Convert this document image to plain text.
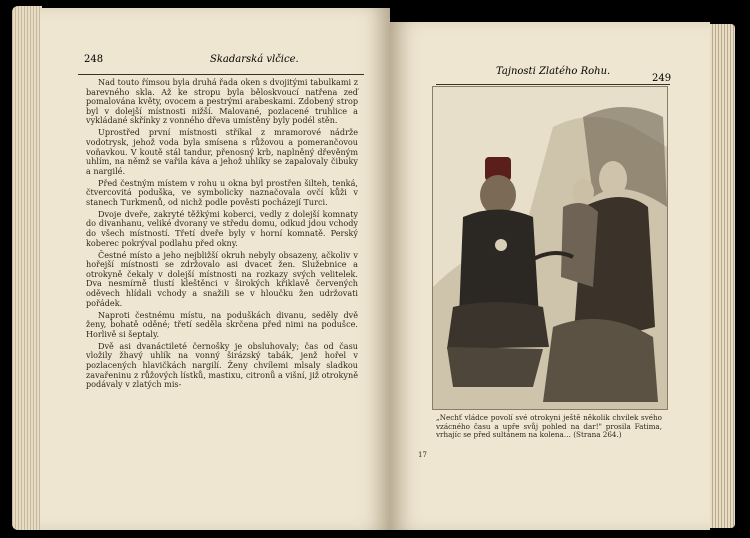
248	Skadarská vlčice.

Nad touto římsou byla druhá řada oken s dvojitými tabulkami z barevného skla. Až ke stropu byla běloskvoucí natřena zeď pomalována květy, ovocem a pestrými arabeskami. Zdobený strop byl v dolejší místnosti nižší. Malované, pozlacené truhlice a vykládané skřínky z vonného dřeva umístěny byly podél stěn.

Uprostřed první místnosti stříkal z mramorové nádrže vodotrysk, jehož voda byla smísena s růžovou a pomerančovou voňavkou. V koutě stál tandur, přenosný krb, naplněný dřevěným uhlím, na němž se vařila káva a jehož uhlíky se zapalovaly čibuky a nargilé.

Před čestným místem v rohu u okna byl prostřen šilteh, tenká, čtvercovitá poduška, ve symbolicky naznačovala ovčí kůži v stanech Turkmenů, od nichž podle pověsti pocházejí Turci.

Dvoje dveře, zakryté těžkými koberci, vedly z dolejší komnaty do divanhanu, veliké dvorany ve středu domu, odkud jdou vchody do všech místností. Třetí dveře byly v horní komnatě. Perský koberec pokrýval podlahu před okny.

Čestné místo a jeho nejbližší okruh nebyly obsazeny, ačkoliv v hořejší místnosti se zdržovalo asi dvacet žen. Služebnice a otrokyně čekaly v dolejší místnosti na rozkazy svých velitelek. Dva nesmírně tlustí kleštěnci v širokých křiklavě červených oděvech hlídali vchody a snažili se v hloučku žen udržovati pořádek.

Naproti čestnému místu, na poduškách divanu, seděly dvě ženy, bohatě oděné; třetí seděla skrčena před nimi na podušce. Horlivě si šeptaly.

Dvě asi dvanáctileté černošky je obsluhovaly; čas od času vložily žhavý uhlík na vonný širázský tabák, jenž hořel v pozlacených hlavičkách nargilí. Ženy chvílemi mlsaly sladkou zavařeninu z růžových lístků, mastixu, citronů a višní, již otrokyně podávaly v zlatých mis-

Tajnosti Zlatého Rohu.
249
„Nechť vládce povolí své otrokyni ještě několik chvilek svého vzácného času a upře svůj pohled na dar!" prosila Fatima, vrhajíc se před sultánem na kolena… (Strana 264.)
17
